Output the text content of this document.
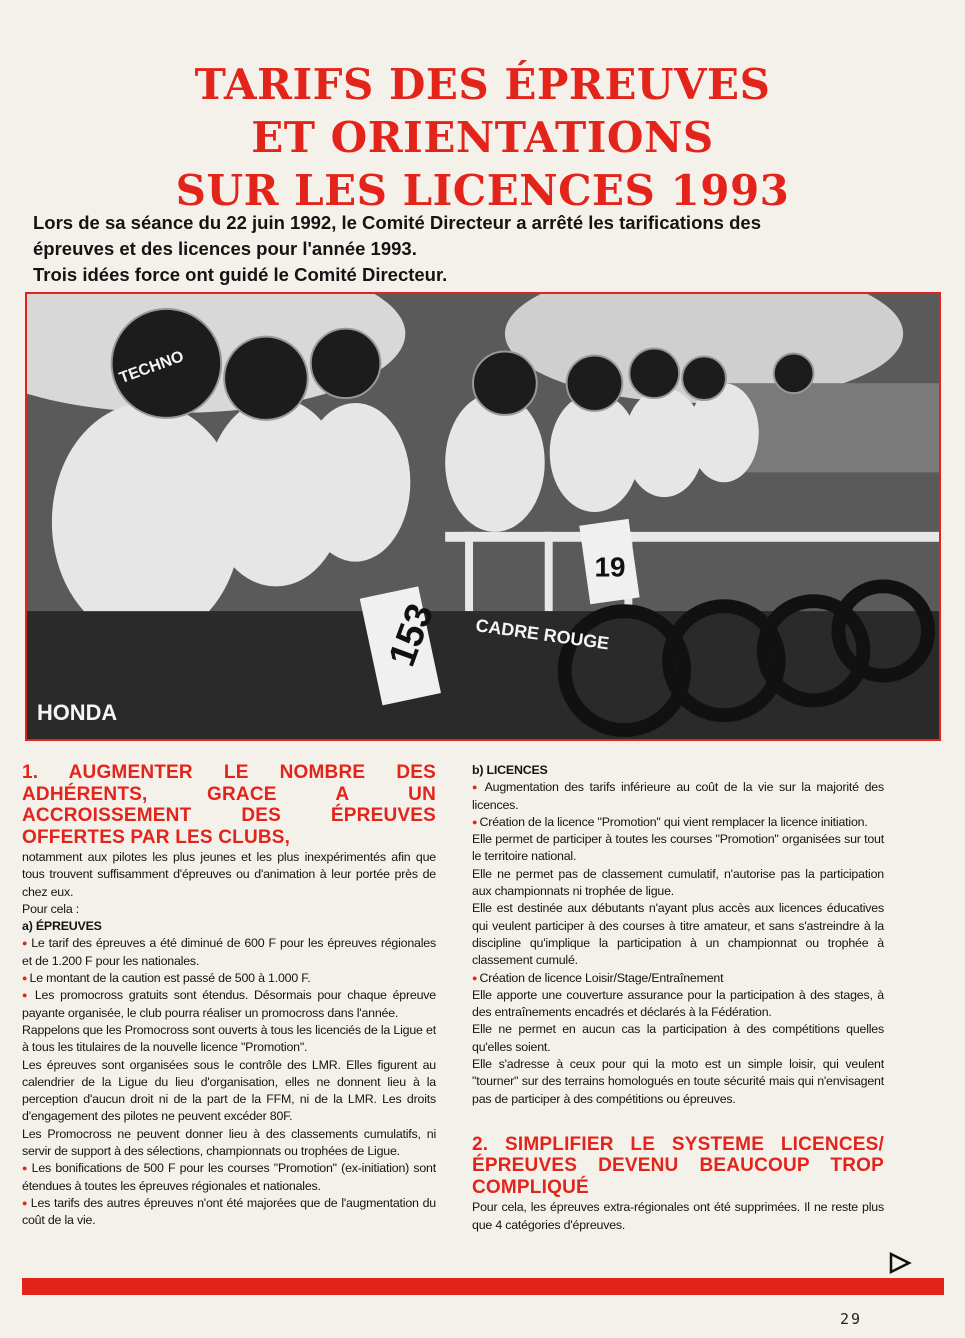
TARIFS DES ÉPREUVES
ET ORIENTATIONS
SUR LES LICENCES 1993

Lors de sa séance du 22 juin 1992, le Comité Directeur a arrêté les tarifications des
épreuves et des licences pour l'année 1993.
Trois idées force ont guidé le Comité Directeur.

153
19
CADRE ROUGE
HONDA
TECHNO
1. AUGMENTER LE NOMBRE DES ADHÉRENTS, GRACE A UN ACCROISSEMENT DES ÉPREUVES OFFERTES PAR LES CLUBS,

notamment aux pilotes les plus jeunes et les plus inexpérimentés afin que tous trouvent suffisamment d'épreuves ou d'animation à leur portée près de chez eux.

Pour cela :

a) ÉPREUVES

● Le tarif des épreuves a été diminué de 600 F pour les épreuves régionales et de 1.200 F pour les nationales.

● Le montant de la caution est passé de 500 à 1.000 F.

● Les promocross gratuits sont étendus. Désormais pour chaque épreuve payante organisée, le club pourra réaliser un promocross dans l'année.

Rappelons que les Promocross sont ouverts à tous les licenciés de la Ligue et à tous les titulaires de la nouvelle licence "Promotion".

Les épreuves sont organisées sous le contrôle des LMR. Elles figurent au calendrier de la Ligue du lieu d'organisation, elles ne donnent lieu à la perception d'aucun droit ni de la part de la FFM, ni de la LMR. Les droits d'engagement des pilotes ne peuvent excéder 80F.

Les Promocross ne peuvent donner lieu à des classements cumulatifs, ni servir de support à des sélections, championnats ou trophées de Ligue.

● Les bonifications de 500 F pour les courses "Promotion" (ex-initiation) sont étendues à toutes les épreuves régionales et nationales.

● Les tarifs des autres épreuves n'ont été majorées que de l'augmentation du coût de la vie.

b) LICENCES

● Augmentation des tarifs inférieure au coût de la vie sur la majorité des licences.

● Création de la licence "Promotion" qui vient remplacer la licence initiation.

Elle permet de participer à toutes les courses "Promotion" organisées sur tout le territoire national.

Elle ne permet pas de classement cumulatif, n'autorise pas la participation aux championnats ni trophée de ligue.

Elle est destinée aux débutants n'ayant plus accès aux licences éducatives qui veulent participer à des courses à titre amateur, et sans s'astreindre à la discipline qu'implique la participation à un championnat ou trophée à classement cumulé.

● Création de licence Loisir/Stage/Entraînement

Elle apporte une couverture assurance pour la participation à des stages, à des entraînements encadrés et déclarés à la Fédération.

Elle ne permet en aucun cas la participation à des compétitions quelles qu'elles soient.

Elle s'adresse à ceux pour qui la moto est un simple loisir, qui veulent "tourner" sur des terrains homologués en toute sécurité mais qui n'envisagent pas de participer à des compétitions ou épreuves.

2. SIMPLIFIER LE SYSTEME LICENCES/ ÉPREUVES DEVENU BEAUCOUP TROP COMPLIQUÉ

Pour cela, les épreuves extra-régionales ont été supprimées. Il ne reste plus que 4 catégories d'épreuves.

29
